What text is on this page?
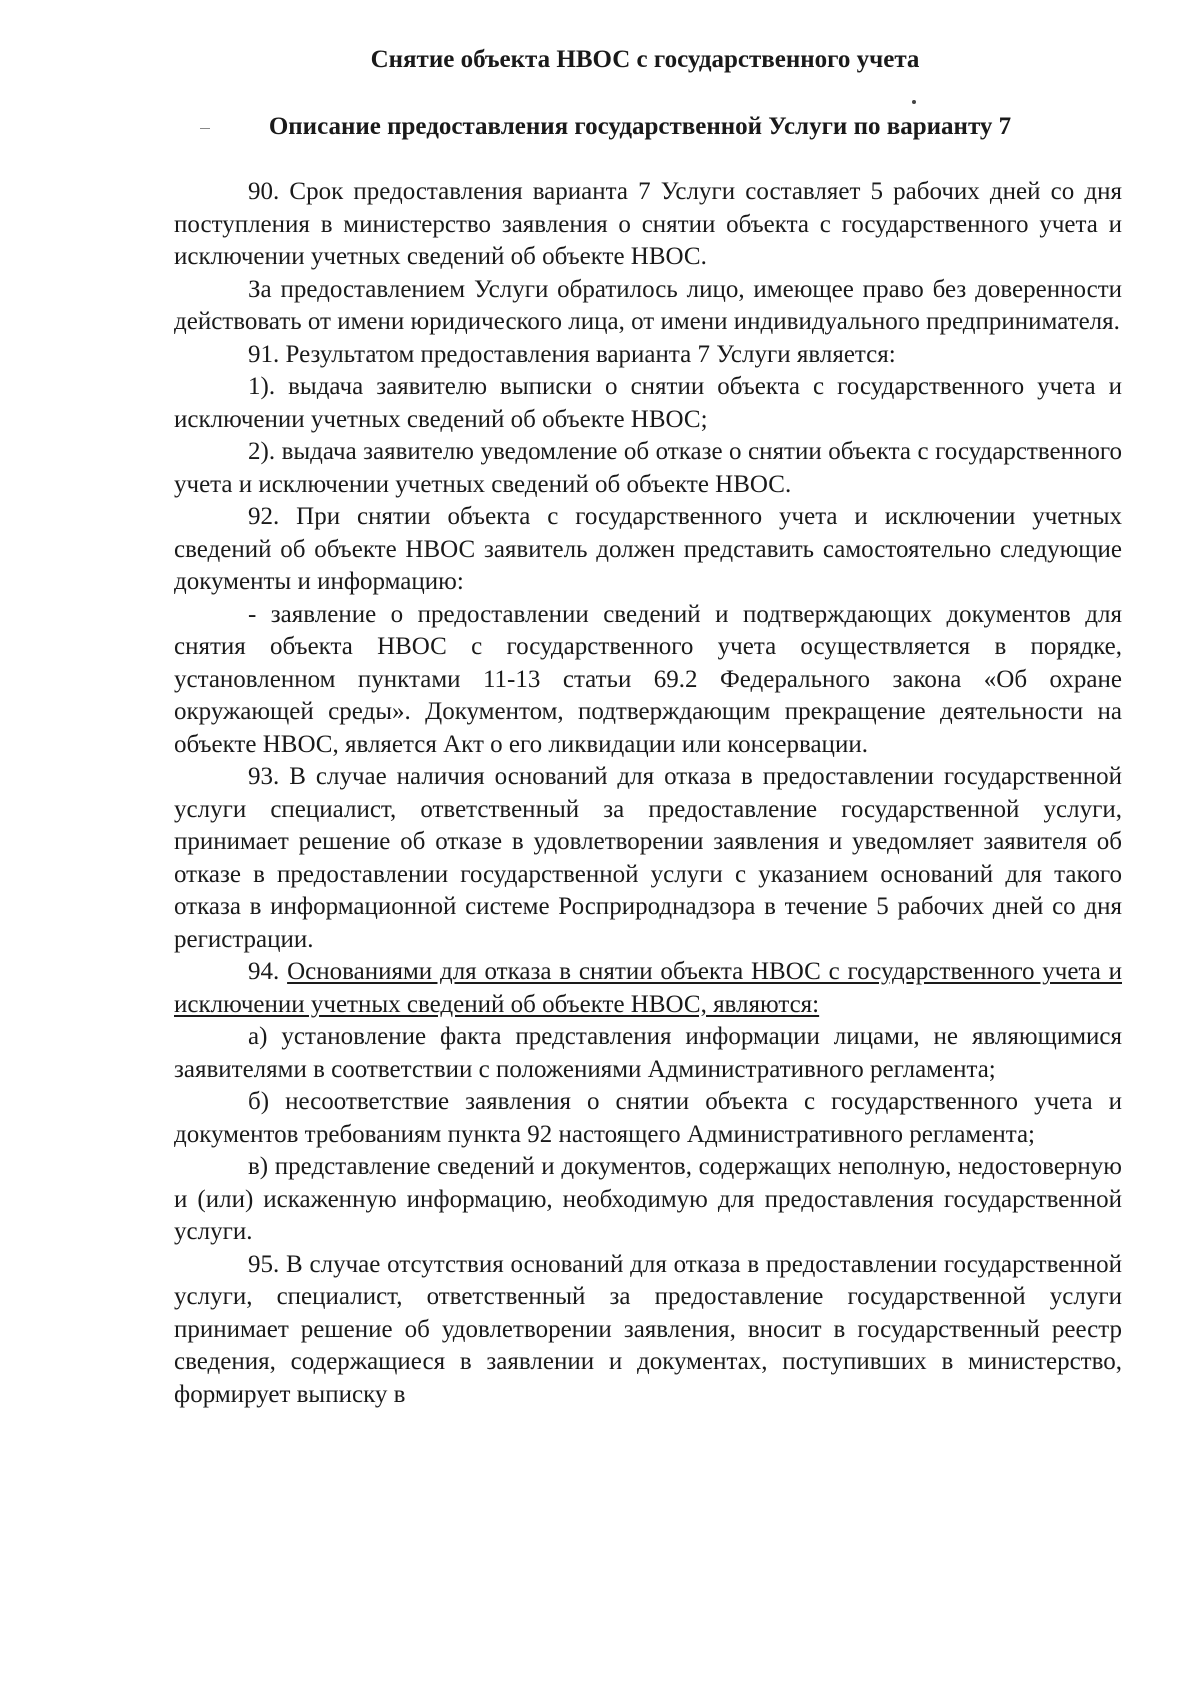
Снятие объекта НВОС с государственного учета
Описание предоставления государственной Услуги по варианту 7

90. Срок предоставления варианта 7 Услуги составляет 5 рабочих дней со дня поступления в министерство заявления о снятии объекта с государственного учета и исключении учетных сведений об объекте НВОС.

За предоставлением Услуги обратилось лицо, имеющее право без доверенности действовать от имени юридического лица, от имени индивидуального предпринимателя.

91. Результатом предоставления варианта 7 Услуги является:

1). выдача заявителю выписки о снятии объекта с государственного учета и исключении учетных сведений об объекте НВОС;

2). выдача заявителю уведомление об отказе о снятии объекта с государственного учета и исключении учетных сведений об объекте НВОС.

92. При снятии объекта с государственного учета и исключении учетных сведений об объекте НВОС заявитель должен представить самостоятельно следующие документы и информацию:

- заявление о предоставлении сведений и подтверждающих документов для снятия объекта НВОС с государственного учета осуществляется в порядке, установленном пунктами 11-13 статьи 69.2 Федерального закона «Об охране окружающей среды». Документом, подтверждающим прекращение деятельности на объекте НВОС, является Акт о его ликвидации или консервации.

93. В случае наличия оснований для отказа в предоставлении государственной услуги специалист, ответственный за предоставление государственной услуги, принимает решение об отказе в удовлетворении заявления и уведомляет заявителя об отказе в предоставлении государственной услуги с указанием оснований для такого отказа в информационной системе Росприроднадзора в течение 5 рабочих дней со дня регистрации.

94. Основаниями для отказа в снятии объекта НВОС с государственного учета и исключении учетных сведений об объекте НВОС, являются:

а) установление факта представления информации лицами, не являющимися заявителями в соответствии с положениями Административного регламента;

б) несоответствие заявления о снятии объекта с государственного учета и документов требованиям пункта 92 настоящего Административного регламента;

в) представление сведений и документов, содержащих неполную, недостоверную и (или) искаженную информацию, необходимую для предоставления государственной услуги.

95. В случае отсутствия оснований для отказа в предоставлении государственной услуги, специалист, ответственный за предоставление государственной услуги принимает решение об удовлетворении заявления, вносит в государственный реестр сведения, содержащиеся в заявлении и документах, поступивших в министерство, формирует выписку в
